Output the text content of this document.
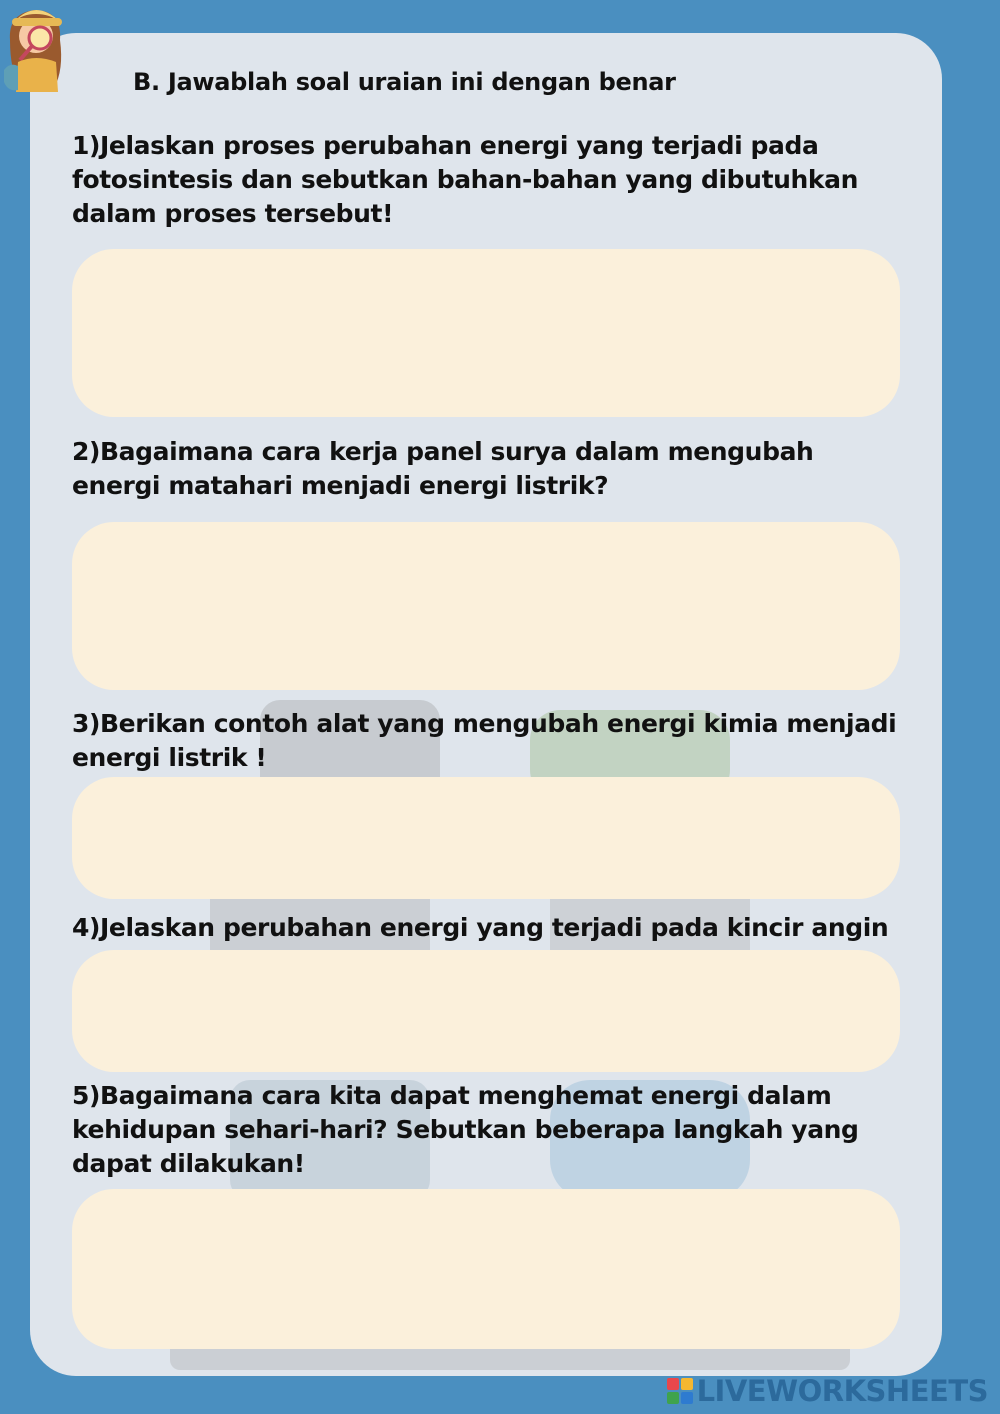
B. Jawablah soal uraian ini dengan benar
1)Jelaskan proses perubahan energi yang terjadi pada fotosintesis dan sebutkan bahan-bahan yang dibutuhkan dalam proses tersebut!
2)Bagaimana cara kerja panel surya dalam mengubah energi matahari menjadi energi listrik?
3)Berikan contoh alat yang mengubah energi kimia menjadi energi listrik !
4)Jelaskan perubahan energi yang terjadi pada kincir angin
5)Bagaimana cara kita dapat menghemat energi dalam kehidupan sehari-hari? Sebutkan beberapa langkah yang dapat dilakukan!
LIVEWORKSHEETS
